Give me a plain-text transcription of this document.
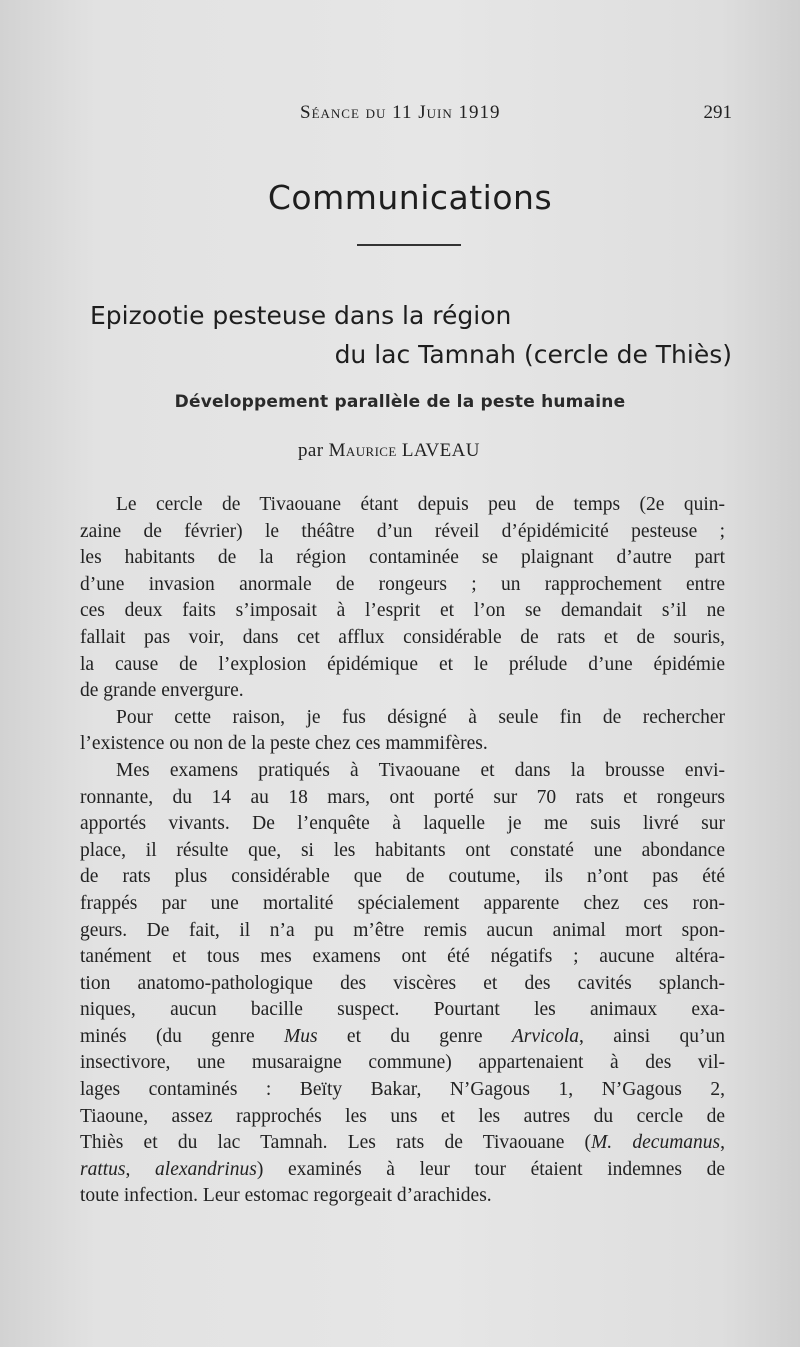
Séance du 11 Juin 1919	291
Communications
Epizootie pesteuse dans la région
du lac Tamnah (cercle de Thiès)
Développement parallèle de la peste humaine
par Maurice LAVEAU
Le cercle de Tivaouane étant depuis peu de temps (2e quin-
zaine de février) le théâtre d’un réveil d’épidémicité pesteuse ;
les habitants de la région contaminée se plaignant d’autre part
d’une invasion anormale de rongeurs ; un rapprochement entre
ces deux faits s’imposait à l’esprit et l’on se demandait s’il ne
fallait pas voir, dans cet afflux considérable de rats et de souris,
la cause de l’explosion épidémique et le prélude d’une épidémie
de grande envergure.
Pour cette raison, je fus désigné à seule fin de rechercher
l’existence ou non de la peste chez ces mammifères.
Mes examens pratiqués à Tivaouane et dans la brousse envi-
ronnante, du 14 au 18 mars, ont porté sur 70 rats et rongeurs
apportés vivants. De l’enquête à laquelle je me suis livré sur
place, il résulte que, si les habitants ont constaté une abondance
de rats plus considérable que de coutume, ils n’ont pas été
frappés par une mortalité spécialement apparente chez ces ron-
geurs. De fait, il n’a pu m’être remis aucun animal mort spon-
tanément et tous mes examens ont été négatifs ; aucune altéra-
tion anatomo-pathologique des viscères et des cavités splanch-
niques, aucun bacille suspect. Pourtant les animaux exa-
minés (du genre Mus et du genre Arvicola, ainsi qu’un
insectivore, une musaraigne commune) appartenaient à des vil-
lages contaminés : Beïty Bakar, N’Gagous 1, N’Gagous 2,
Tiaoune, assez rapprochés les uns et les autres du cercle de
Thiès et du lac Tamnah. Les rats de Tivaouane (M. decumanus,
rattus, alexandrinus) examinés à leur tour étaient indemnes de
toute infection. Leur estomac regorgeait d’arachides.
